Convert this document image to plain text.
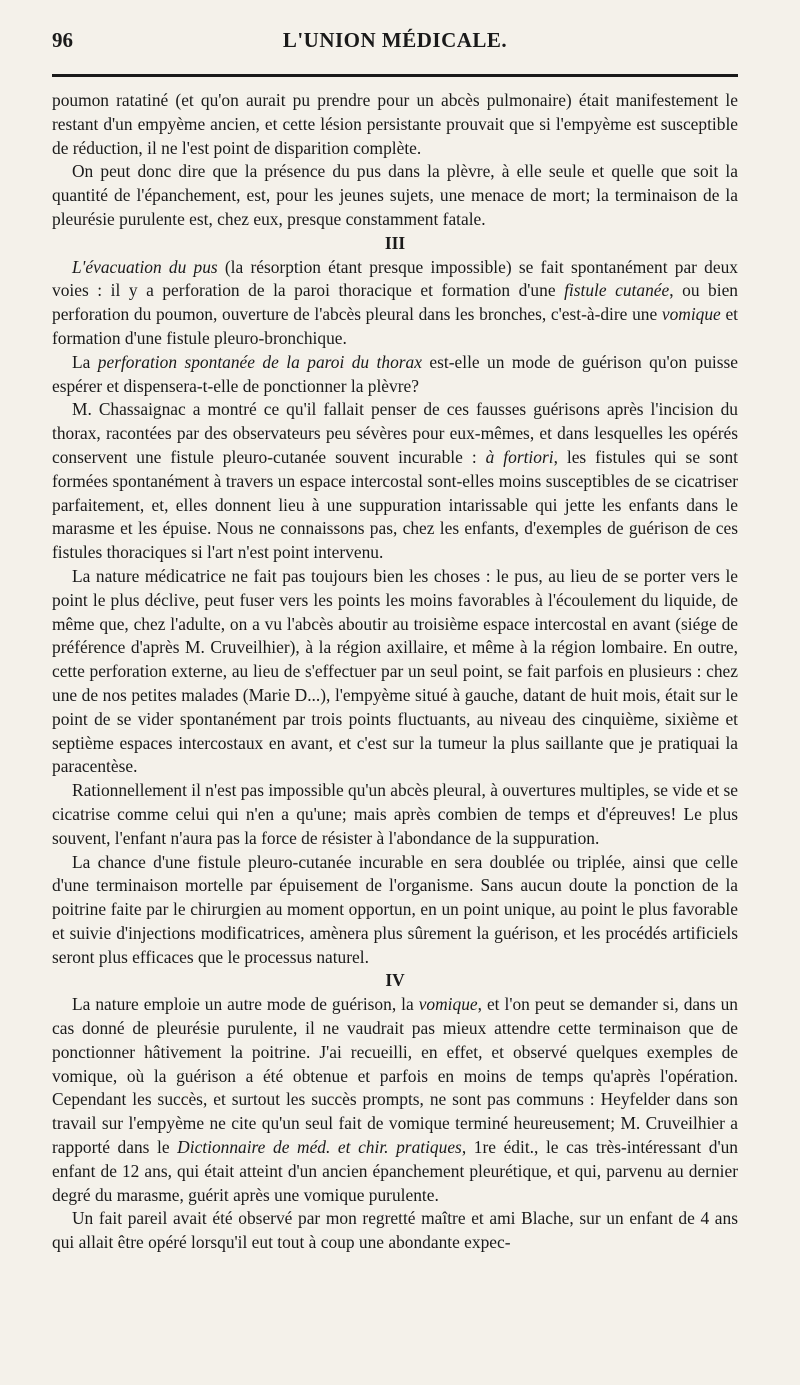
96	L'UNION MÉDICALE.

poumon ratatiné (et qu'on aurait pu prendre pour un abcès pulmonaire) était manifestement le restant d'un empyème ancien, et cette lésion persistante prouvait que si l'empyème est susceptible de réduction, il ne l'est point de disparition complète.

On peut donc dire que la présence du pus dans la plèvre, à elle seule et quelle que soit la quantité de l'épanchement, est, pour les jeunes sujets, une menace de mort; la terminaison de la pleurésie purulente est, chez eux, presque constamment fatale.

III

L'évacuation du pus (la résorption étant presque impossible) se fait spontanément par deux voies : il y a perforation de la paroi thoracique et formation d'une fistule cutanée, ou bien perforation du poumon, ouverture de l'abcès pleural dans les bronches, c'est-à-dire une vomique et formation d'une fistule pleuro-bronchique.

La perforation spontanée de la paroi du thorax est-elle un mode de guérison qu'on puisse espérer et dispensera-t-elle de ponctionner la plèvre?

M. Chassaignac a montré ce qu'il fallait penser de ces fausses guérisons après l'incision du thorax, racontées par des observateurs peu sévères pour eux-mêmes, et dans lesquelles les opérés conservent une fistule pleuro-cutanée souvent incurable : à fortiori, les fistules qui se sont formées spontanément à travers un espace intercostal sont-elles moins susceptibles de se cicatriser parfaitement, et, elles donnent lieu à une suppuration intarissable qui jette les enfants dans le marasme et les épuise. Nous ne connaissons pas, chez les enfants, d'exemples de guérison de ces fistules thoraciques si l'art n'est point intervenu.

La nature médicatrice ne fait pas toujours bien les choses : le pus, au lieu de se porter vers le point le plus déclive, peut fuser vers les points les moins favorables à l'écoulement du liquide, de même que, chez l'adulte, on a vu l'abcès aboutir au troisième espace intercostal en avant (siége de préférence d'après M. Cruveilhier), à la région axillaire, et même à la région lombaire. En outre, cette perforation externe, au lieu de s'effectuer par un seul point, se fait parfois en plusieurs : chez une de nos petites malades (Marie D...), l'empyème situé à gauche, datant de huit mois, était sur le point de se vider spontanément par trois points fluctuants, au niveau des cinquième, sixième et septième espaces intercostaux en avant, et c'est sur la tumeur la plus saillante que je pratiquai la paracentèse.

Rationnellement il n'est pas impossible qu'un abcès pleural, à ouvertures multiples, se vide et se cicatrise comme celui qui n'en a qu'une; mais après combien de temps et d'épreuves! Le plus souvent, l'enfant n'aura pas la force de résister à l'abondance de la suppuration.

La chance d'une fistule pleuro-cutanée incurable en sera doublée ou triplée, ainsi que celle d'une terminaison mortelle par épuisement de l'organisme. Sans aucun doute la ponction de la poitrine faite par le chirurgien au moment opportun, en un point unique, au point le plus favorable et suivie d'injections modificatrices, amènera plus sûrement la guérison, et les procédés artificiels seront plus efficaces que le processus naturel.

IV

La nature emploie un autre mode de guérison, la vomique, et l'on peut se demander si, dans un cas donné de pleurésie purulente, il ne vaudrait pas mieux attendre cette terminaison que de ponctionner hâtivement la poitrine. J'ai recueilli, en effet, et observé quelques exemples de vomique, où la guérison a été obtenue et parfois en moins de temps qu'après l'opération. Cependant les succès, et surtout les succès prompts, ne sont pas communs : Heyfelder dans son travail sur l'empyème ne cite qu'un seul fait de vomique terminé heureusement; M. Cruveilhier a rapporté dans le Dictionnaire de méd. et chir. pratiques, 1re édit., le cas très-intéressant d'un enfant de 12 ans, qui était atteint d'un ancien épanchement pleurétique, et qui, parvenu au dernier degré du marasme, guérit après une vomique purulente.

Un fait pareil avait été observé par mon regretté maître et ami Blache, sur un enfant de 4 ans qui allait être opéré lorsqu'il eut tout à coup une abondante expec-
